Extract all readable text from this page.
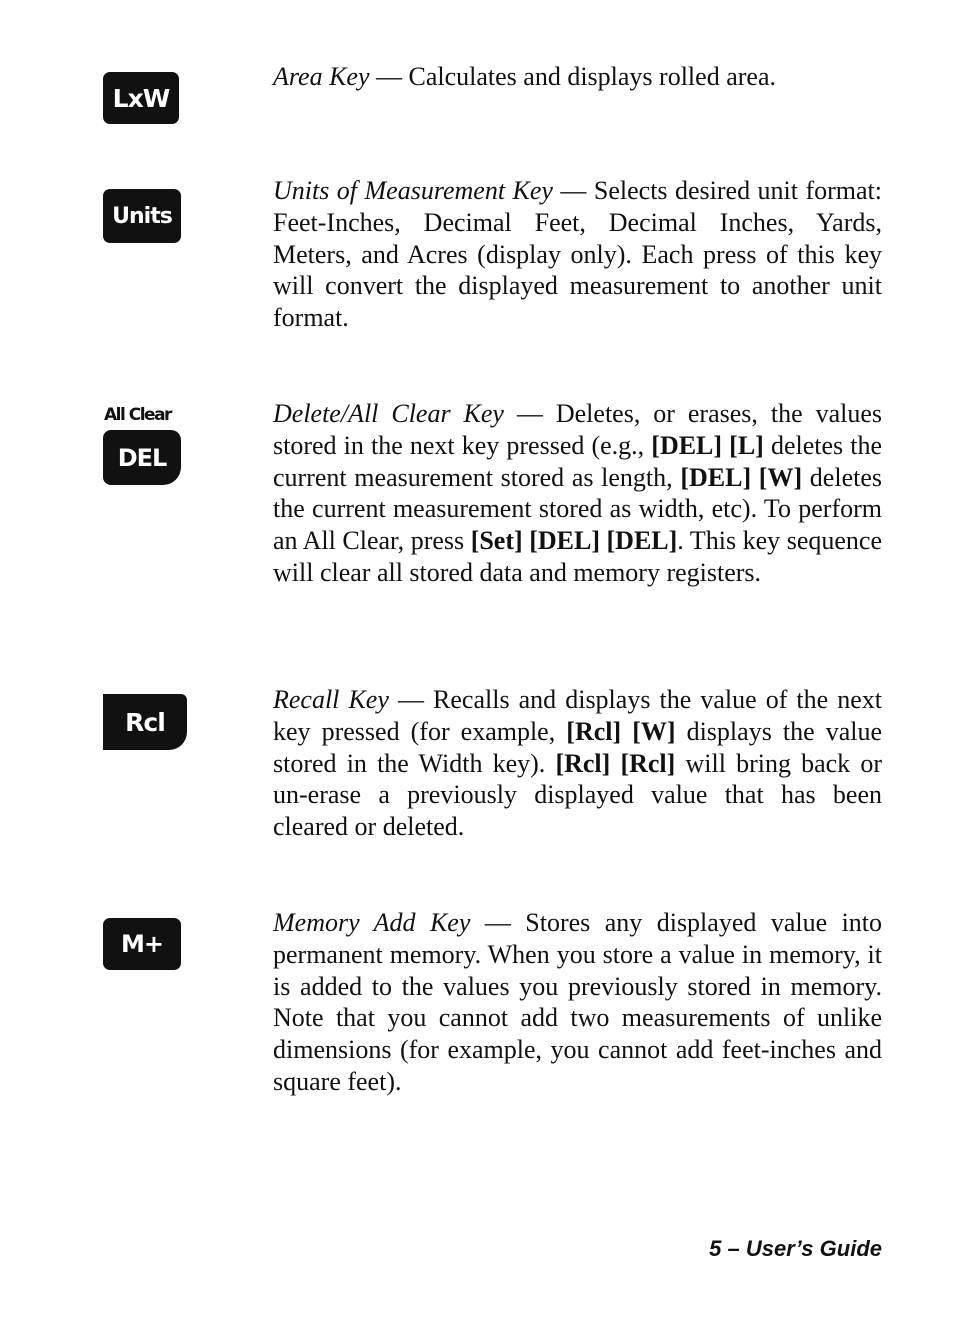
LxW

Area Key — Calculates and displays rolled area.

Units

Units of Measurement Key — Selects desired unit format: Feet-Inches, Decimal Feet, Decimal Inches, Yards, Meters, and Acres (display only). Each press of this key will convert the displayed measurement to another unit format.

All Clear
DEL

Delete/All Clear Key — Deletes, or erases, the values stored in the next key pressed (e.g., [DEL] [L] deletes the current measurement stored as length, [DEL] [W] deletes the current measurement stored as width, etc). To perform an All Clear, press [Set] [DEL] [DEL]. This key sequence will clear all stored data and memory registers.

Rcl

Recall Key — Recalls and displays the value of the next key pressed (for example, [Rcl] [W] displays the value stored in the Width key). [Rcl] [Rcl] will bring back or un-erase a previously displayed value that has been cleared or deleted.

M+

Memory Add Key — Stores any displayed value into permanent memory. When you store a value in memory, it is added to the values you previously stored in memory. Note that you cannot add two measurements of unlike dimensions (for example, you cannot add feet-inches and square feet).

5 – User’s Guide
